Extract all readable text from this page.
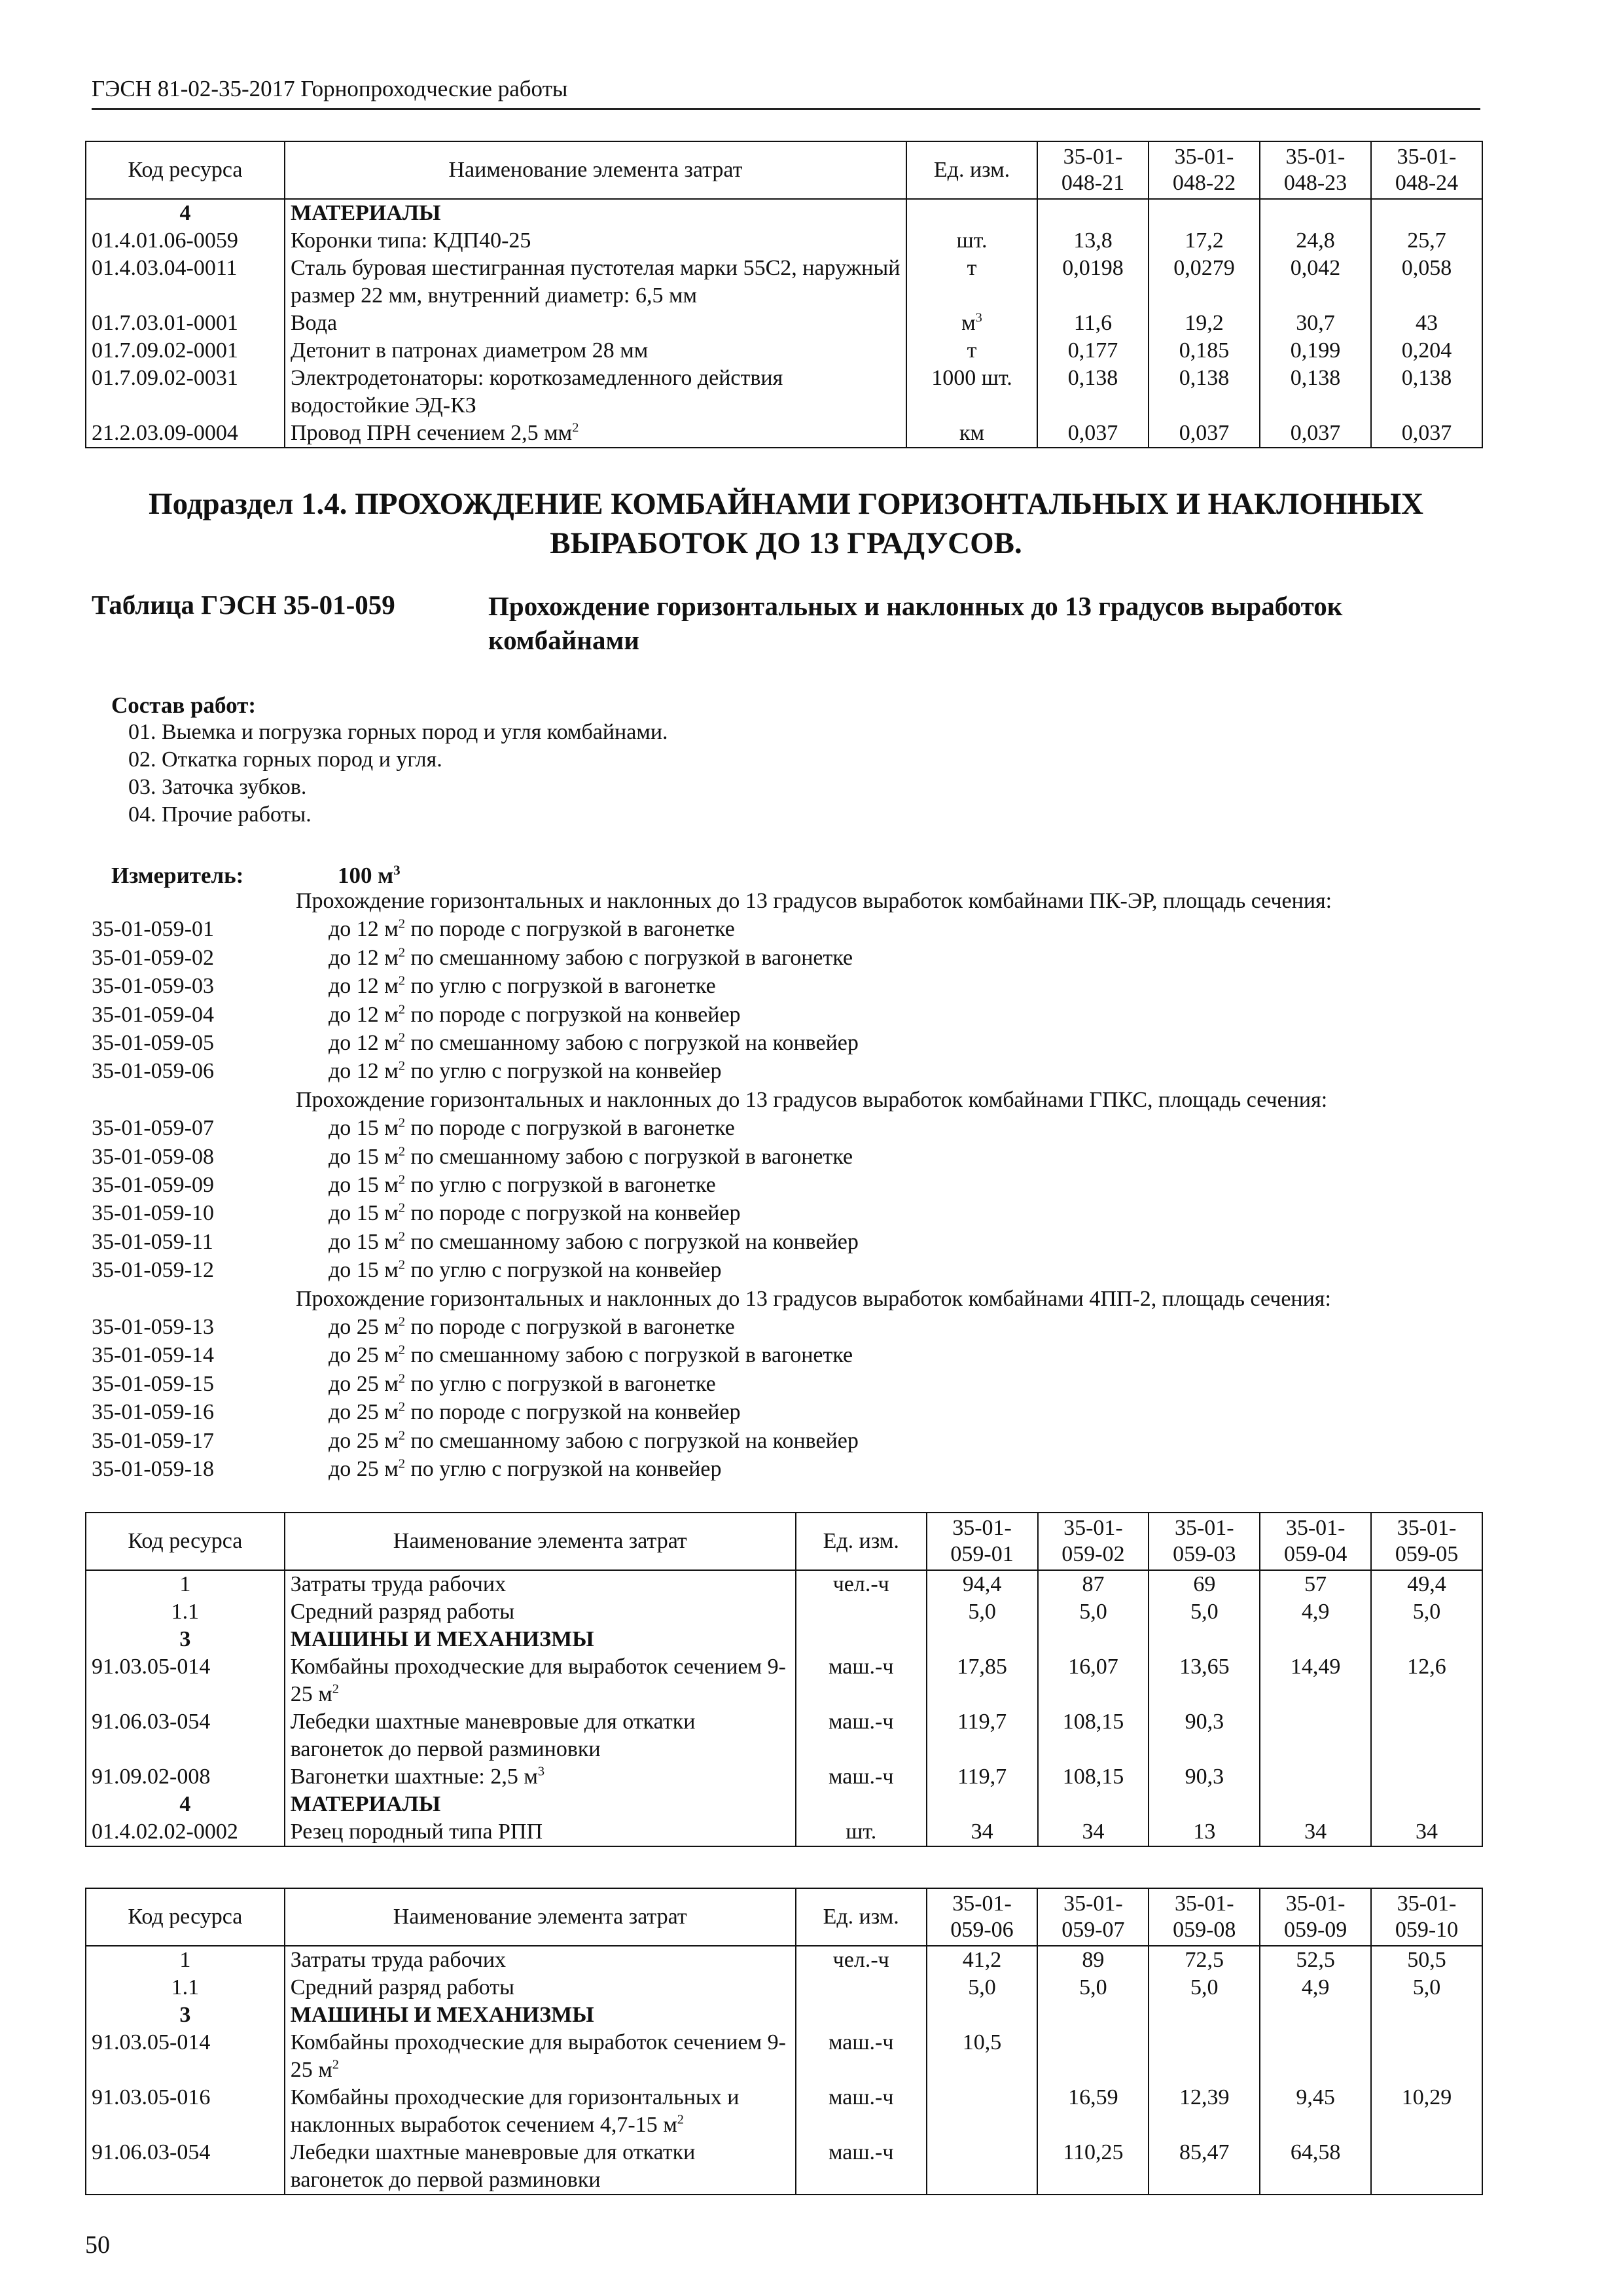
ГЭСН 81-02-35-2017 Горнопроходческие работы
Код ресурса	Наименование элемента затрат	Ед. изм.	35-01-048-21	35-01-048-22	35-01-048-23	35-01-048-24
4	МАТЕРИАЛЫ					
01.4.01.06-0059	Коронки типа: КДП40-25	шт.	13,8	17,2	24,8	25,7
01.4.03.04-0011	Сталь буровая шестигранная пустотелая марки 55С2, наружный размер 22 мм, внутренний диаметр: 6,5 мм	т	0,0198	0,0279	0,042	0,058
01.7.03.01-0001	Вода	$м^3$	11,6	19,2	30,7	43
01.7.09.02-0001	Детонит в патронах диаметром 28 мм	т	0,177	0,185	0,199	0,204
01.7.09.02-0031	Электродетонаторы: короткозамедленного действия водостойкие ЭД-КЗ	1000 шт.	0,138	0,138	0,138	0,138
21.2.03.09-0004	Провод ПРН сечением 2,5 $мм^2$	км	0,037	0,037	0,037	0,037
Подраздел 1.4. ПРОХОЖДЕНИЕ КОМБАЙНАМИ ГОРИЗОНТАЛЬНЫХ И НАКЛОННЫХ ВЫРАБОТОК ДО 13 ГРАДУСОВ.
Таблица ГЭСН 35-01-059	Прохождение горизонтальных и наклонных до 13 градусов выработок комбайнами
Состав работ:
01. Выемка и погрузка горных пород и угля комбайнами.
02. Откатка горных пород и угля.
03. Заточка зубков.
04. Прочие работы.
Измеритель:	100 $м^3$
Прохождение горизонтальных и наклонных до 13 градусов выработок комбайнами ПК-ЭР, площадь сечения:
35-01-059-01	до 12 $м^2$ по породе с погрузкой в вагонетке
35-01-059-02	до 12 $м^2$ по смешанному забою с погрузкой в вагонетке
35-01-059-03	до 12 $м^2$ по углю с погрузкой в вагонетке
35-01-059-04	до 12 $м^2$ по породе с погрузкой на конвейер
35-01-059-05	до 12 $м^2$ по смешанному забою с погрузкой на конвейер
35-01-059-06	до 12 $м^2$ по углю с погрузкой на конвейер
Прохождение горизонтальных и наклонных до 13 градусов выработок комбайнами ГПКС, площадь сечения:
35-01-059-07	до 15 $м^2$ по породе с погрузкой в вагонетке
35-01-059-08	до 15 $м^2$ по смешанному забою с погрузкой в вагонетке
35-01-059-09	до 15 $м^2$ по углю с погрузкой в вагонетке
35-01-059-10	до 15 $м^2$ по породе с погрузкой на конвейер
35-01-059-11	до 15 $м^2$ по смешанному забою с погрузкой на конвейер
35-01-059-12	до 15 $м^2$ по углю с погрузкой на конвейер
Прохождение горизонтальных и наклонных до 13 градусов выработок комбайнами 4ПП-2, площадь сечения:
35-01-059-13	до 25 $м^2$ по породе с погрузкой в вагонетке
35-01-059-14	до 25 $м^2$ по смешанному забою с погрузкой в вагонетке
35-01-059-15	до 25 $м^2$ по углю с погрузкой в вагонетке
35-01-059-16	до 25 $м^2$ по породе с погрузкой на конвейер
35-01-059-17	до 25 $м^2$ по смешанному забою с погрузкой на конвейер
35-01-059-18	до 25 $м^2$ по углю с погрузкой на конвейер
Код ресурса	Наименование элемента затрат	Ед. изм.	35-01-059-01	35-01-059-02	35-01-059-03	35-01-059-04	35-01-059-05
1	Затраты труда рабочих	чел.-ч	94,4	87	69	57	49,4
1.1	Средний разряд работы		5,0	5,0	5,0	4,9	5,0
3	МАШИНЫ И МЕХАНИЗМЫ						
91.03.05-014	Комбайны проходческие для выработок сечением 9-25 $м^2$	маш.-ч	17,85	16,07	13,65	14,49	12,6
91.06.03-054	Лебедки шахтные маневровые для откатки вагонеток до первой разминовки	маш.-ч	119,7	108,15	90,3		
91.09.02-008	Вагонетки шахтные: 2,5 $м^3$	маш.-ч	119,7	108,15	90,3		
4	МАТЕРИАЛЫ						
01.4.02.02-0002	Резец породный типа РПП	шт.	34	34	13	34	34
Код ресурса	Наименование элемента затрат	Ед. изм.	35-01-059-06	35-01-059-07	35-01-059-08	35-01-059-09	35-01-059-10
1	Затраты труда рабочих	чел.-ч	41,2	89	72,5	52,5	50,5
1.1	Средний разряд работы		5,0	5,0	5,0	4,9	5,0
3	МАШИНЫ И МЕХАНИЗМЫ						
91.03.05-014	Комбайны проходческие для выработок сечением 9-25 $м^2$	маш.-ч	10,5				
91.03.05-016	Комбайны проходческие для горизонтальных и наклонных выработок сечением 4,7-15 $м^2$	маш.-ч		16,59	12,39	9,45	10,29
91.06.03-054	Лебедки шахтные маневровые для откатки вагонеток до первой разминовки	маш.-ч		110,25	85,47	64,58	
50
